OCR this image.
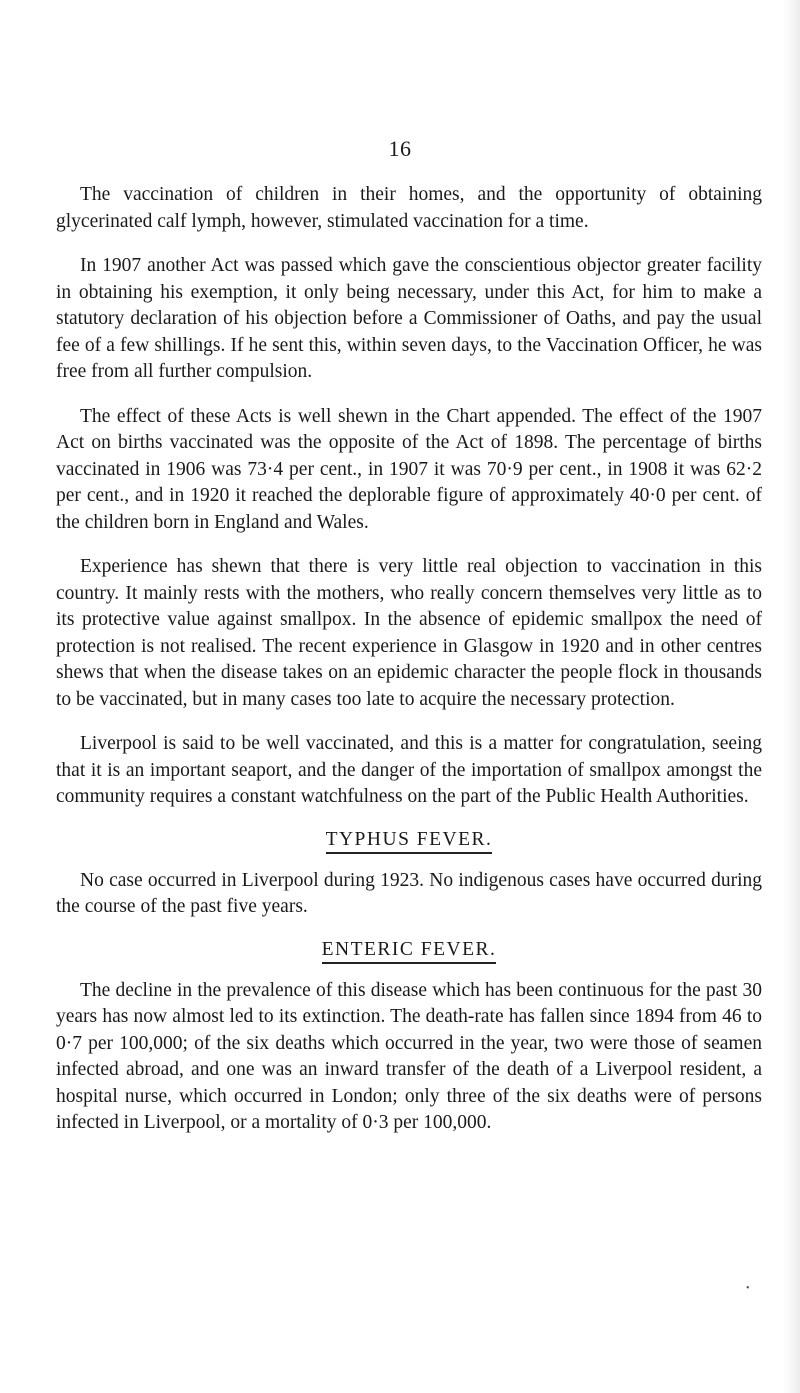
16

The vaccination of children in their homes, and the opportunity of obtaining glycerinated calf lymph, however, stimulated vaccination for a time.

In 1907 another Act was passed which gave the conscientious objector greater facility in obtaining his exemption, it only being necessary, under this Act, for him to make a statutory declaration of his objection before a Commissioner of Oaths, and pay the usual fee of a few shillings. If he sent this, within seven days, to the Vaccination Officer, he was free from all further compulsion.

The effect of these Acts is well shewn in the Chart appended. The effect of the 1907 Act on births vaccinated was the opposite of the Act of 1898. The percentage of births vaccinated in 1906 was 73·4 per cent., in 1907 it was 70·9 per cent., in 1908 it was 62·2 per cent., and in 1920 it reached the deplorable figure of approximately 40·0 per cent. of the children born in England and Wales.

Experience has shewn that there is very little real objection to vaccination in this country. It mainly rests with the mothers, who really concern themselves very little as to its protective value against smallpox. In the absence of epidemic smallpox the need of protection is not realised. The recent experience in Glasgow in 1920 and in other centres shews that when the disease takes on an epidemic character the people flock in thousands to be vaccinated, but in many cases too late to acquire the necessary protection.

Liverpool is said to be well vaccinated, and this is a matter for congratulation, seeing that it is an important seaport, and the danger of the importation of smallpox amongst the community requires a constant watchfulness on the part of the Public Health Authorities.

TYPHUS FEVER.

No case occurred in Liverpool during 1923. No indigenous cases have occurred during the course of the past five years.

ENTERIC FEVER.

The decline in the prevalence of this disease which has been continuous for the past 30 years has now almost led to its extinction. The death-rate has fallen since 1894 from 46 to 0·7 per 100,000; of the six deaths which occurred in the year, two were those of seamen infected abroad, and one was an inward transfer of the death of a Liverpool resident, a hospital nurse, which occurred in London; only three of the six deaths were of persons infected in Liverpool, or a mortality of 0·3 per 100,000.

•
